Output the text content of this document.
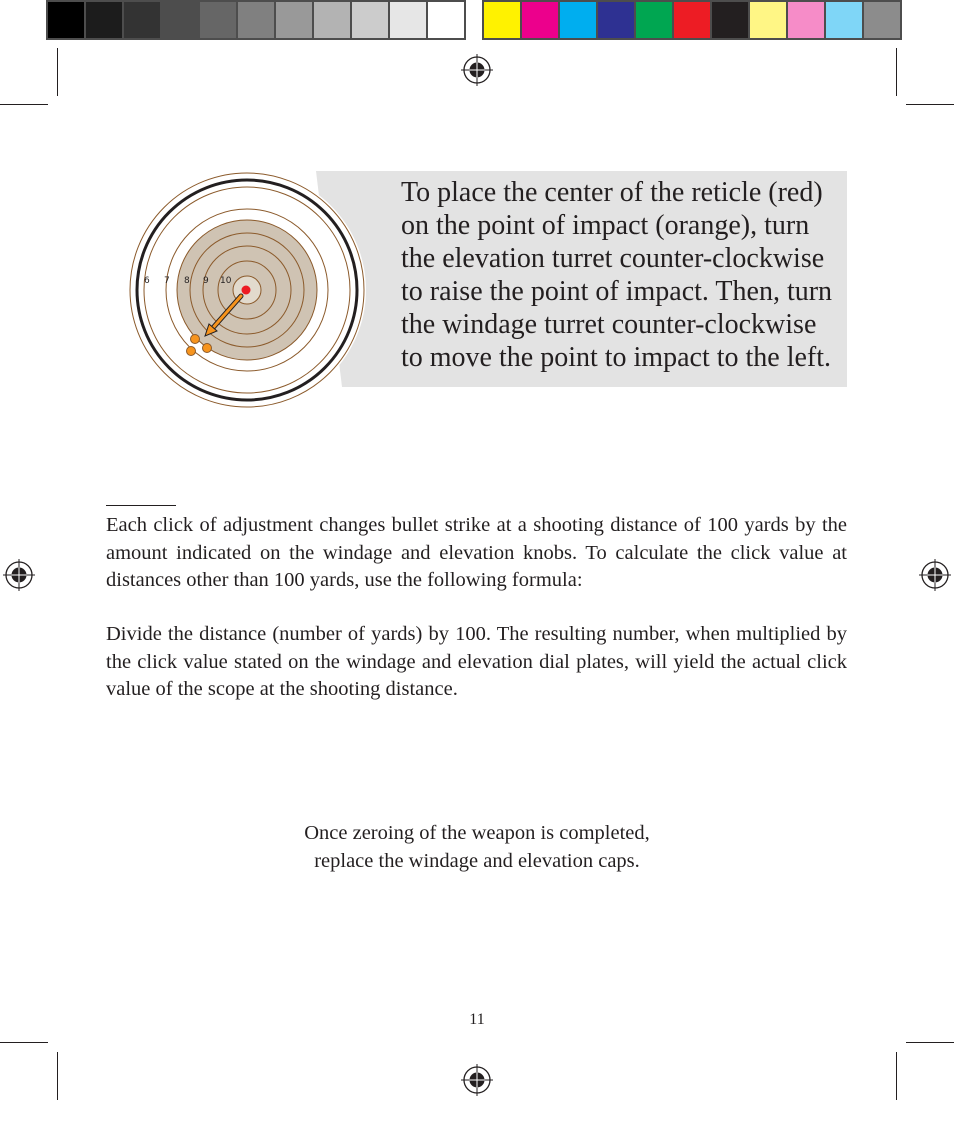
6 7 8 9 10

To place the center of the reticle (red) on the point of impact (orange), turn the elevation turret counter-clockwise to raise the point of impact. Then, turn the windage turret counter-clockwise to move the point to impact to the left.

Each click of adjustment changes bullet strike at a shooting distance of 100 yards by the amount indicated on the windage and elevation knobs. To calculate the click value at distances other than 100 yards, use the following formula:

Divide the distance (number of yards) by 100. The resulting number, when multiplied by the click value stated on the windage and elevation dial plates, will yield the actual click value of the scope at the shooting distance.

Once zeroing of the weapon is completed,

replace the windage and elevation caps.

11
